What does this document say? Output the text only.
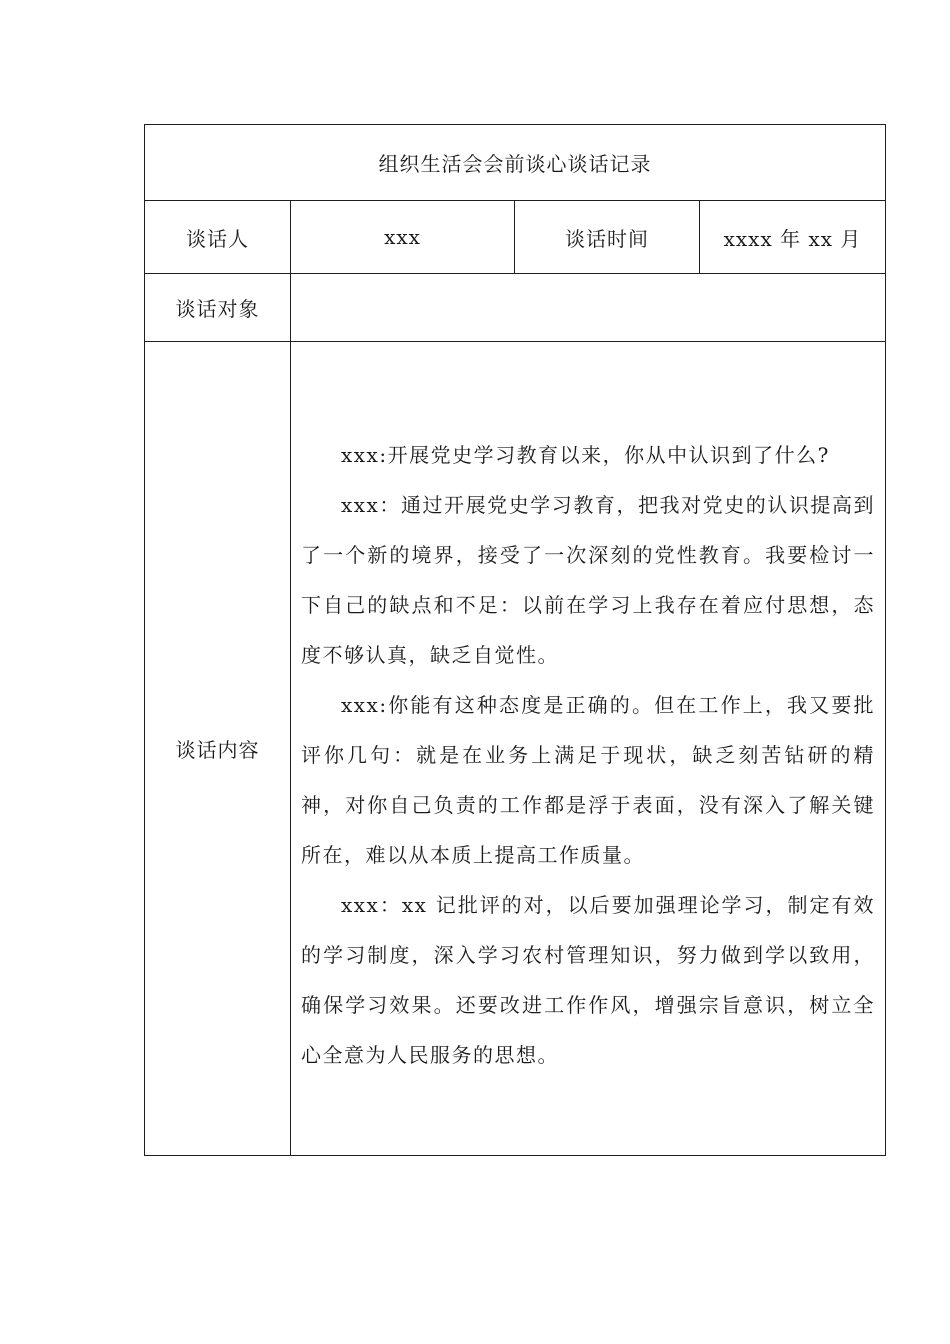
组织生活会会前谈心谈话记录			
谈话人	xxx	谈话时间	xxxx 年 xx 月
谈话对象			
谈话内容	xxx:开展党史学习教育以来，你从中认识到了什么?

xxx：通过开展党史学习教育，把我对党史的认识提高到了一个新的境界，接受了一次深刻的党性教育。我要检讨一下自己的缺点和不足：以前在学习上我存在着应付思想，态度不够认真，缺乏自觉性。

xxx:你能有这种态度是正确的。但在工作上，我又要批评你几句：就是在业务上满足于现状，缺乏刻苦钻研的精神，对你自己负责的工作都是浮于表面，没有深入了解关键所在，难以从本质上提高工作质量。

xxx：xx 记批评的对，以后要加强理论学习，制定有效的学习制度，深入学习农村管理知识，努力做到学以致用，确保学习效果。还要改进工作作风，增强宗旨意识，树立全心全意为人民服务的思想。		
